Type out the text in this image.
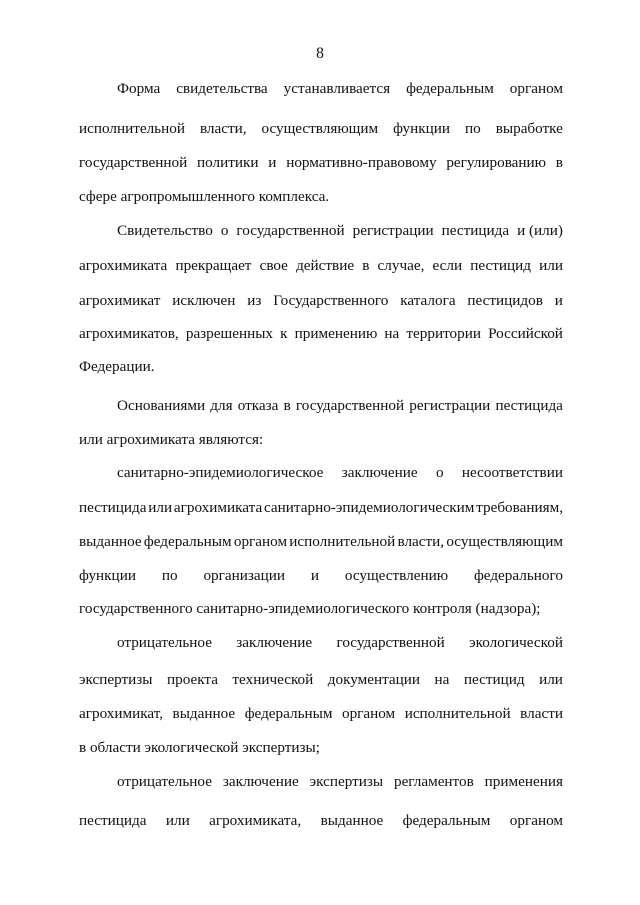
8
Форма свидетельства устанавливается федеральным органом
исполнительной власти, осуществляющим функции по выработке
государственной политики и нормативно-правовому регулированию в
сфере агропромышленного комплекса.
Свидетельство о государственной регистрации пестицида и (или)
агрохимиката прекращает свое действие в случае, если пестицид или
агрохимикат исключен из Государственного каталога пестицидов и
агрохимикатов, разрешенных к применению на территории Российской
Федерации.
Основаниями для отказа в государственной регистрации пестицида
или агрохимиката являются:
санитарно-эпидемиологическое заключение о несоответствии
пестицида или агрохимиката санитарно-эпидемиологическим требованиям,
выданное федеральным органом исполнительной власти, осуществляющим
функции по организации и осуществлению федерального
государственного санитарно-эпидемиологического контроля (надзора);
отрицательное заключение государственной экологической
экспертизы проекта технической документации на пестицид или
агрохимикат, выданное федеральным органом исполнительной власти
в области экологической экспертизы;
отрицательное заключение экспертизы регламентов применения
пестицида или агрохимиката, выданное федеральным органом
